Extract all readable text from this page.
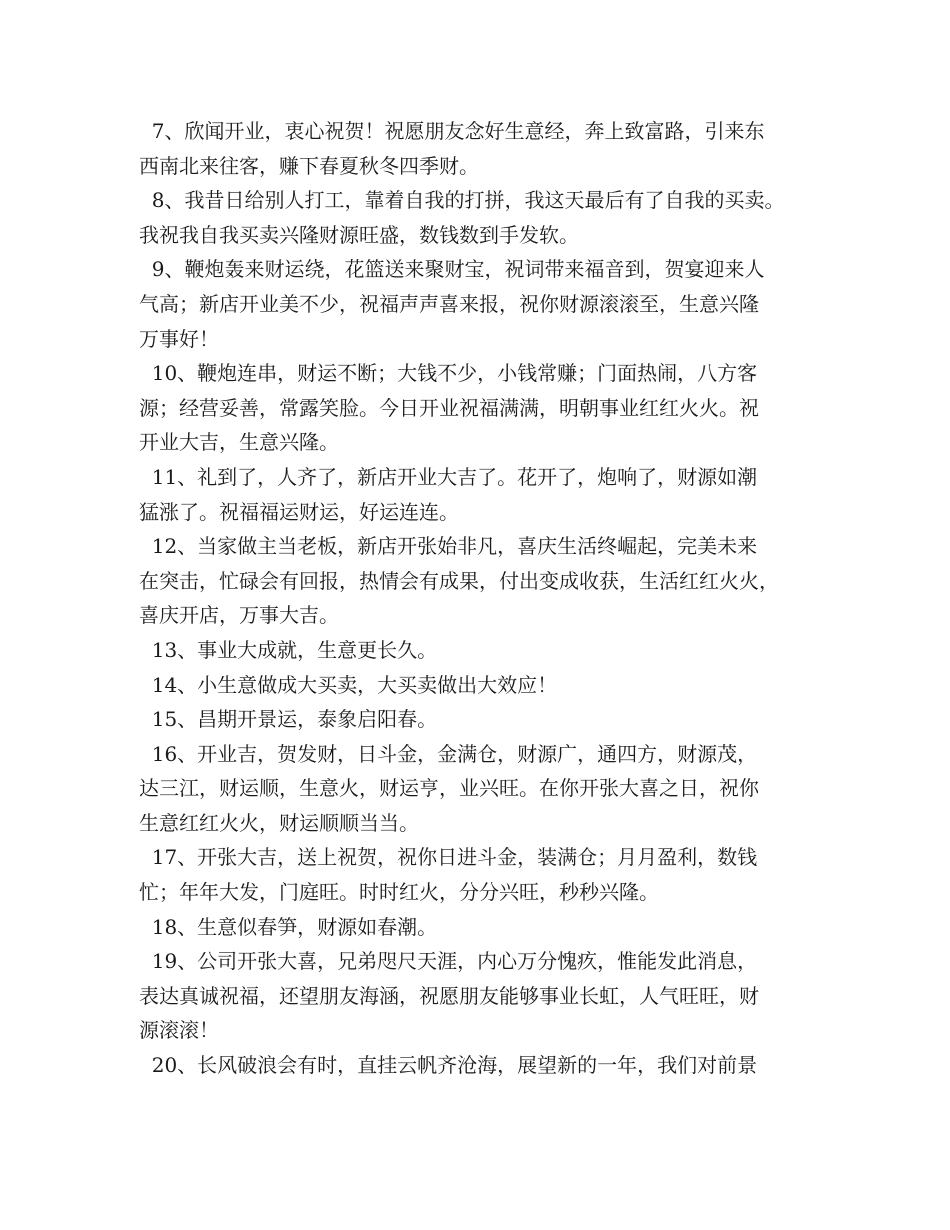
7、欣闻开业，衷心祝贺！祝愿朋友念好生意经，奔上致富路，引来东
西南北来往客，赚下春夏秋冬四季财。

8、我昔日给别人打工，靠着自我的打拼，我这天最后有了自我的买卖。
我祝我自我买卖兴隆财源旺盛，数钱数到手发软。

9、鞭炮轰来财运绕，花篮送来聚财宝，祝词带来福音到，贺宴迎来人
气高；新店开业美不少，祝福声声喜来报，祝你财源滚滚至，生意兴隆
万事好！

10、鞭炮连串，财运不断；大钱不少，小钱常赚；门面热闹，八方客
源；经营妥善，常露笑脸。今日开业祝福满满，明朝事业红红火火。祝
开业大吉，生意兴隆。

11、礼到了，人齐了，新店开业大吉了。花开了，炮响了，财源如潮
猛涨了。祝福福运财运，好运连连。

12、当家做主当老板，新店开张始非凡，喜庆生活终崛起，完美未来
在突击，忙碌会有回报，热情会有成果，付出变成收获，生活红红火火，
喜庆开店，万事大吉。

13、事业大成就，生意更长久。

14、小生意做成大买卖，大买卖做出大效应！

15、昌期开景运，泰象启阳春。

16、开业吉，贺发财，日斗金，金满仓，财源广，通四方，财源茂，
达三江，财运顺，生意火，财运亨，业兴旺。在你开张大喜之日，祝你
生意红红火火，财运顺顺当当。

17、开张大吉，送上祝贺，祝你日进斗金，装满仓；月月盈利，数钱
忙；年年大发，门庭旺。时时红火，分分兴旺，秒秒兴隆。

18、生意似春笋，财源如春潮。

19、公司开张大喜，兄弟咫尺天涯，内心万分愧疚，惟能发此消息，
表达真诚祝福，还望朋友海涵，祝愿朋友能够事业长虹，人气旺旺，财
源滚滚！

20、长风破浪会有时，直挂云帆齐沧海，展望新的一年，我们对前景
